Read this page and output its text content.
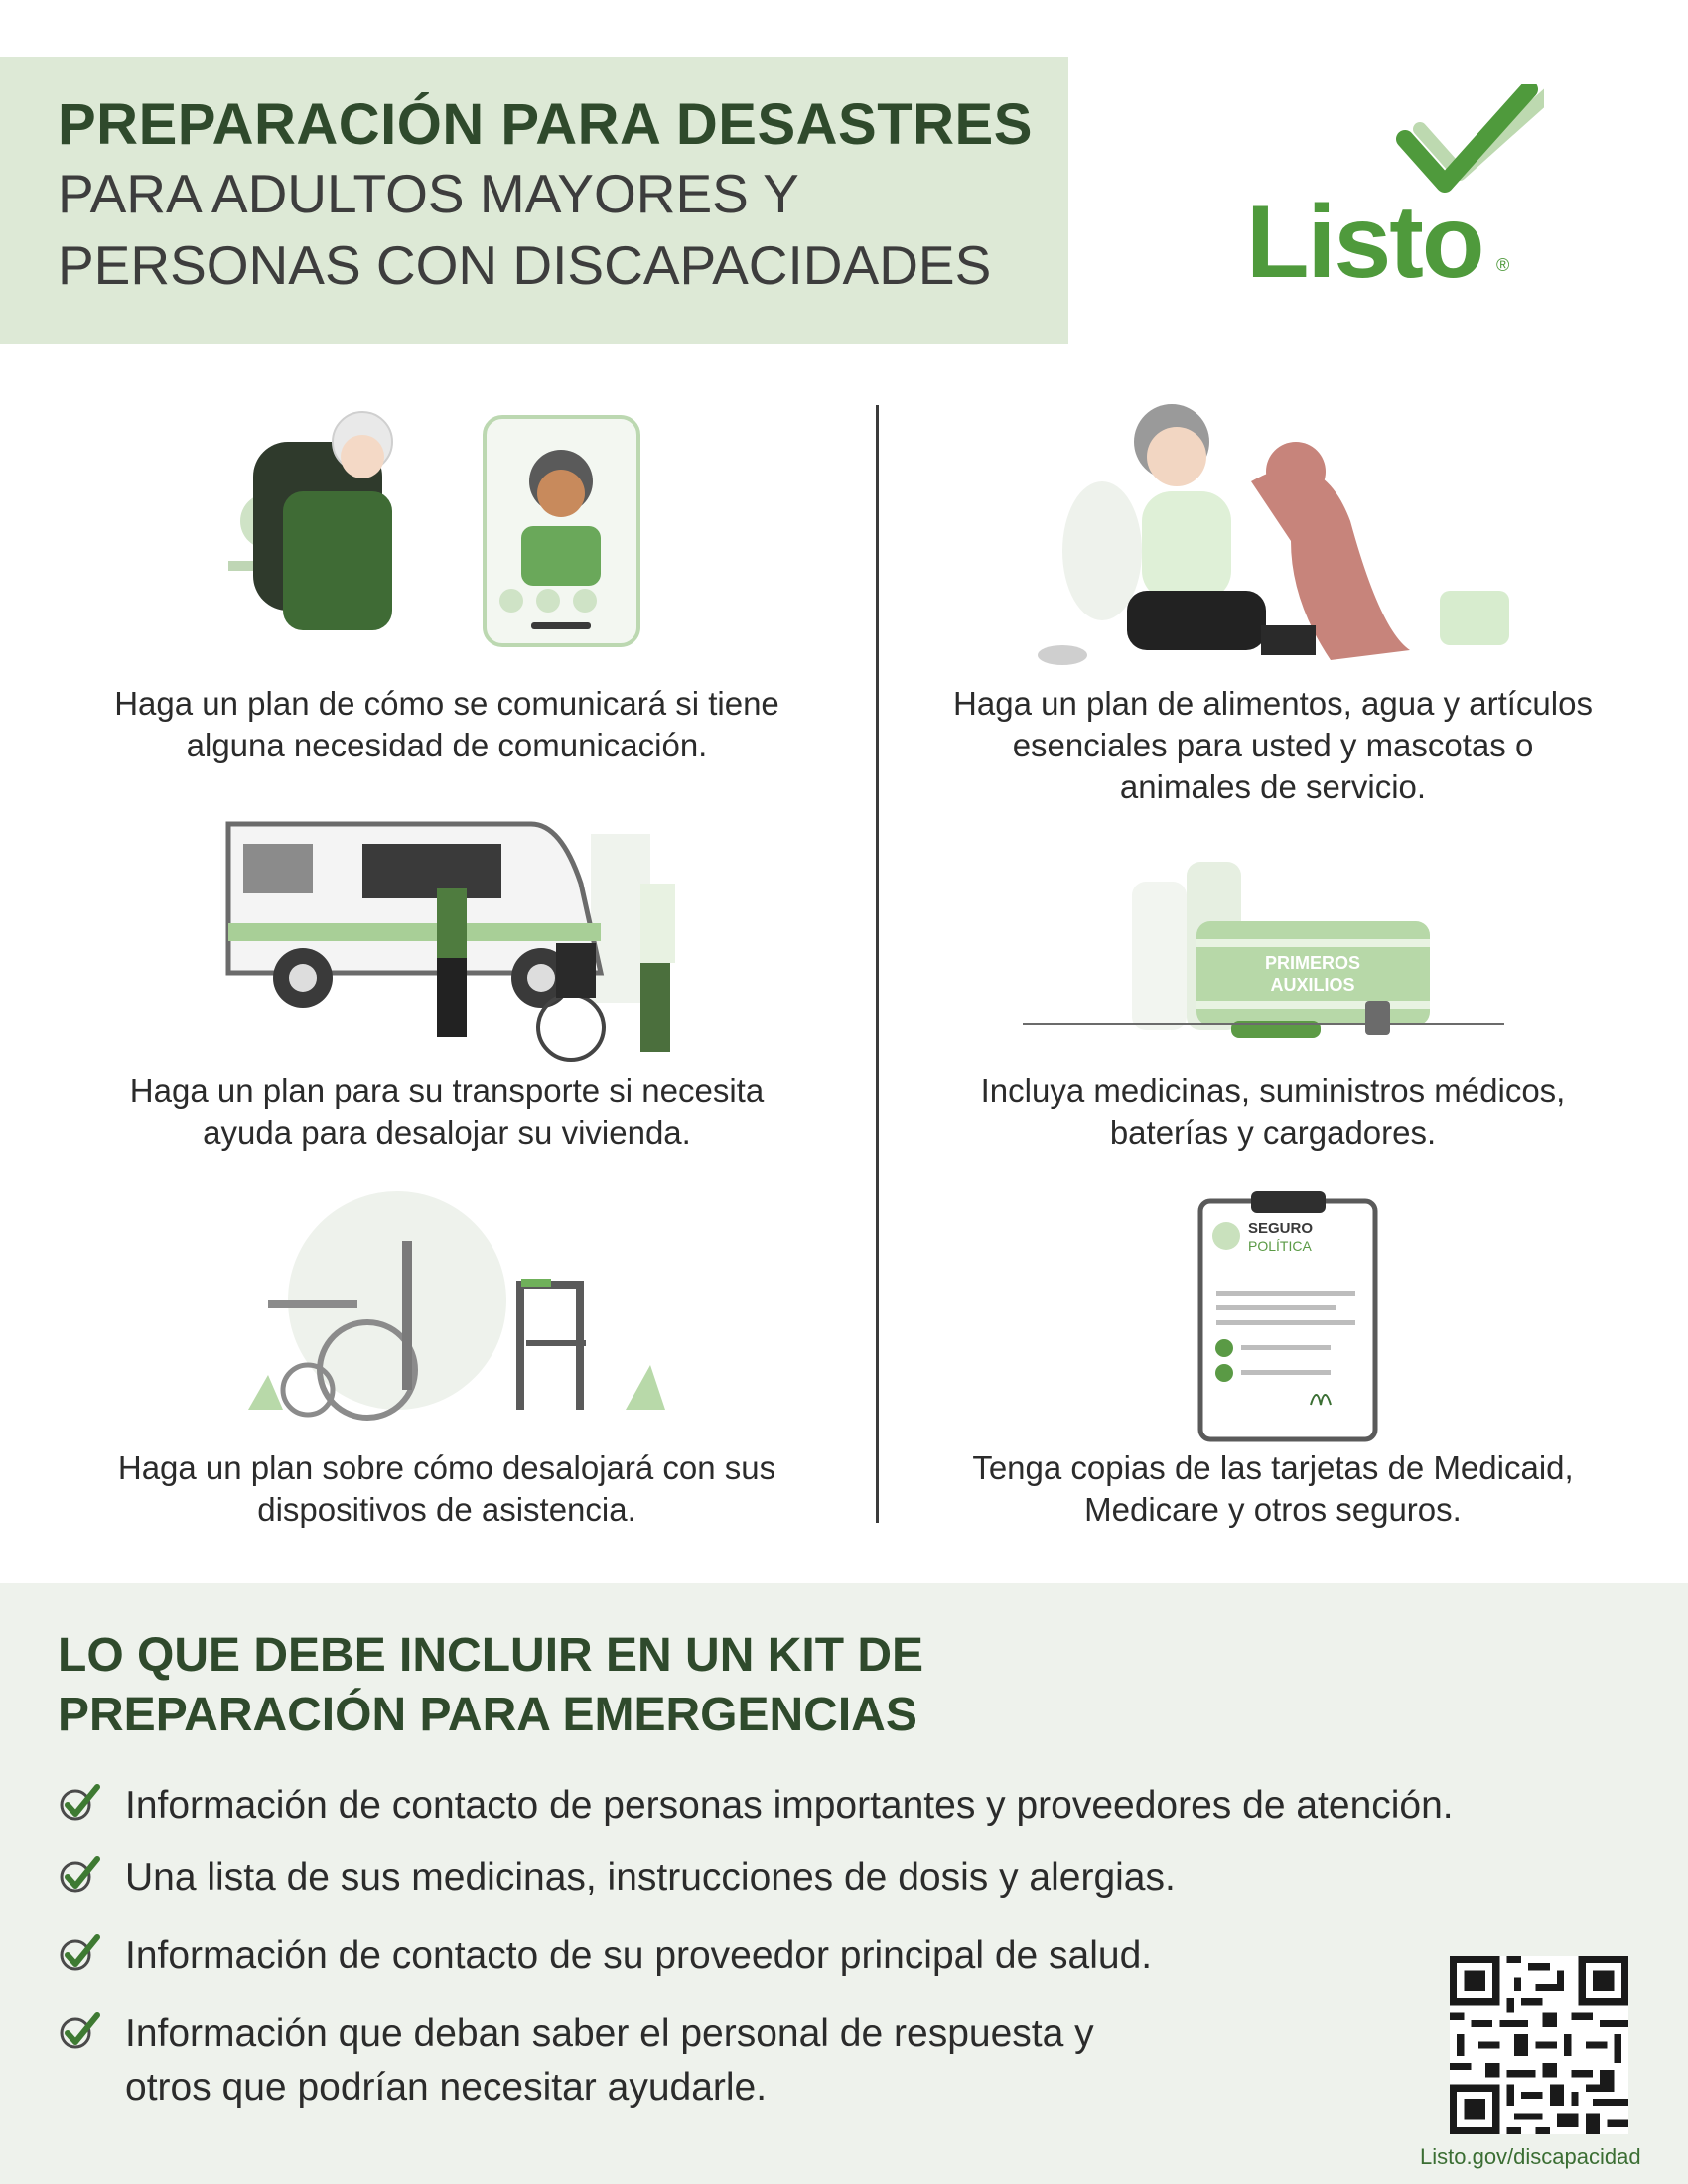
PREPARACIÓN PARA DESASTRES
PARA ADULTOS MAYORES Y
PERSONAS CON DISCAPACIDADES Listo ®
Haga un plan de cómo se comunicará si tiene
alguna necesidad de comunicación.
Haga un plan de alimentos, agua y artículos
esenciales para usted y mascotas o
animales de servicio.
Haga un plan para su transporte si necesita
ayuda para desalojar su vivienda.
PRIMEROS
AUXILIOS
Incluya medicinas, suministros médicos,
baterías y cargadores.
Haga un plan sobre cómo desalojará con sus
dispositivos de asistencia.
SEGURO
POLÍTICA
Tenga copias de las tarjetas de Medicaid,
Medicare y otros seguros.
LO QUE DEBE INCLUIR EN UN KIT DE
PREPARACIÓN PARA EMERGENCIAS
Información de contacto de personas importantes y proveedores de atención.
Una lista de sus medicinas, instrucciones de dosis y alergias.
Información de contacto de su proveedor principal de salud.
Información que deban saber el personal de respuesta y
otros que podrían necesitar ayudarle.
Listo.gov/discapacidad
